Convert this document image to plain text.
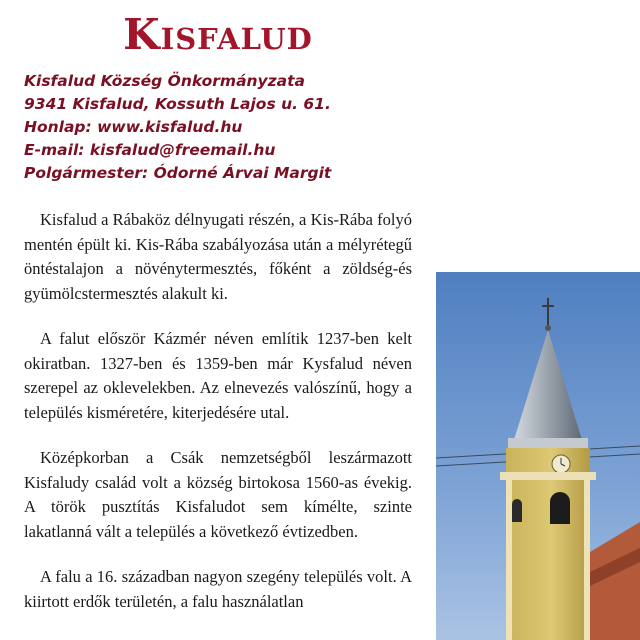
Kisfalud
Kisfalud Község Önkormányzata
9341 Kisfalud, Kossuth Lajos u. 61.
Honlap: www.kisfalud.hu
E-mail: kisfalud@freemail.hu
Polgármester: Ódorné Árvai Margit

Kisfalud a Rábaköz délnyugati részén, a Kis-Rába folyó mentén épült ki. Kis-Rába szabályozása után a mélyrétegű öntéstalajon a növénytermesztés, főként a zöldség-és gyümölcstermesztés alakult ki.

A falut először Kázmér néven említik 1237-ben kelt okiratban. 1327-ben és 1359-ben már Kysfalud néven szerepel az oklevelekben. Az elnevezés valószínű, hogy a település kisméretére, kiterjedésére utal.

Középkorban a Csák nemzetségből leszármazott Kisfaludy család volt a község birtokosa 1560-as évekig. A török pusztítás Kisfaludot sem kímélte, szinte lakatlanná vált a település a következő évtizedben.

A falu a 16. században nagyon szegény település volt. A kiirtott erdők területén, a falu használatlan
